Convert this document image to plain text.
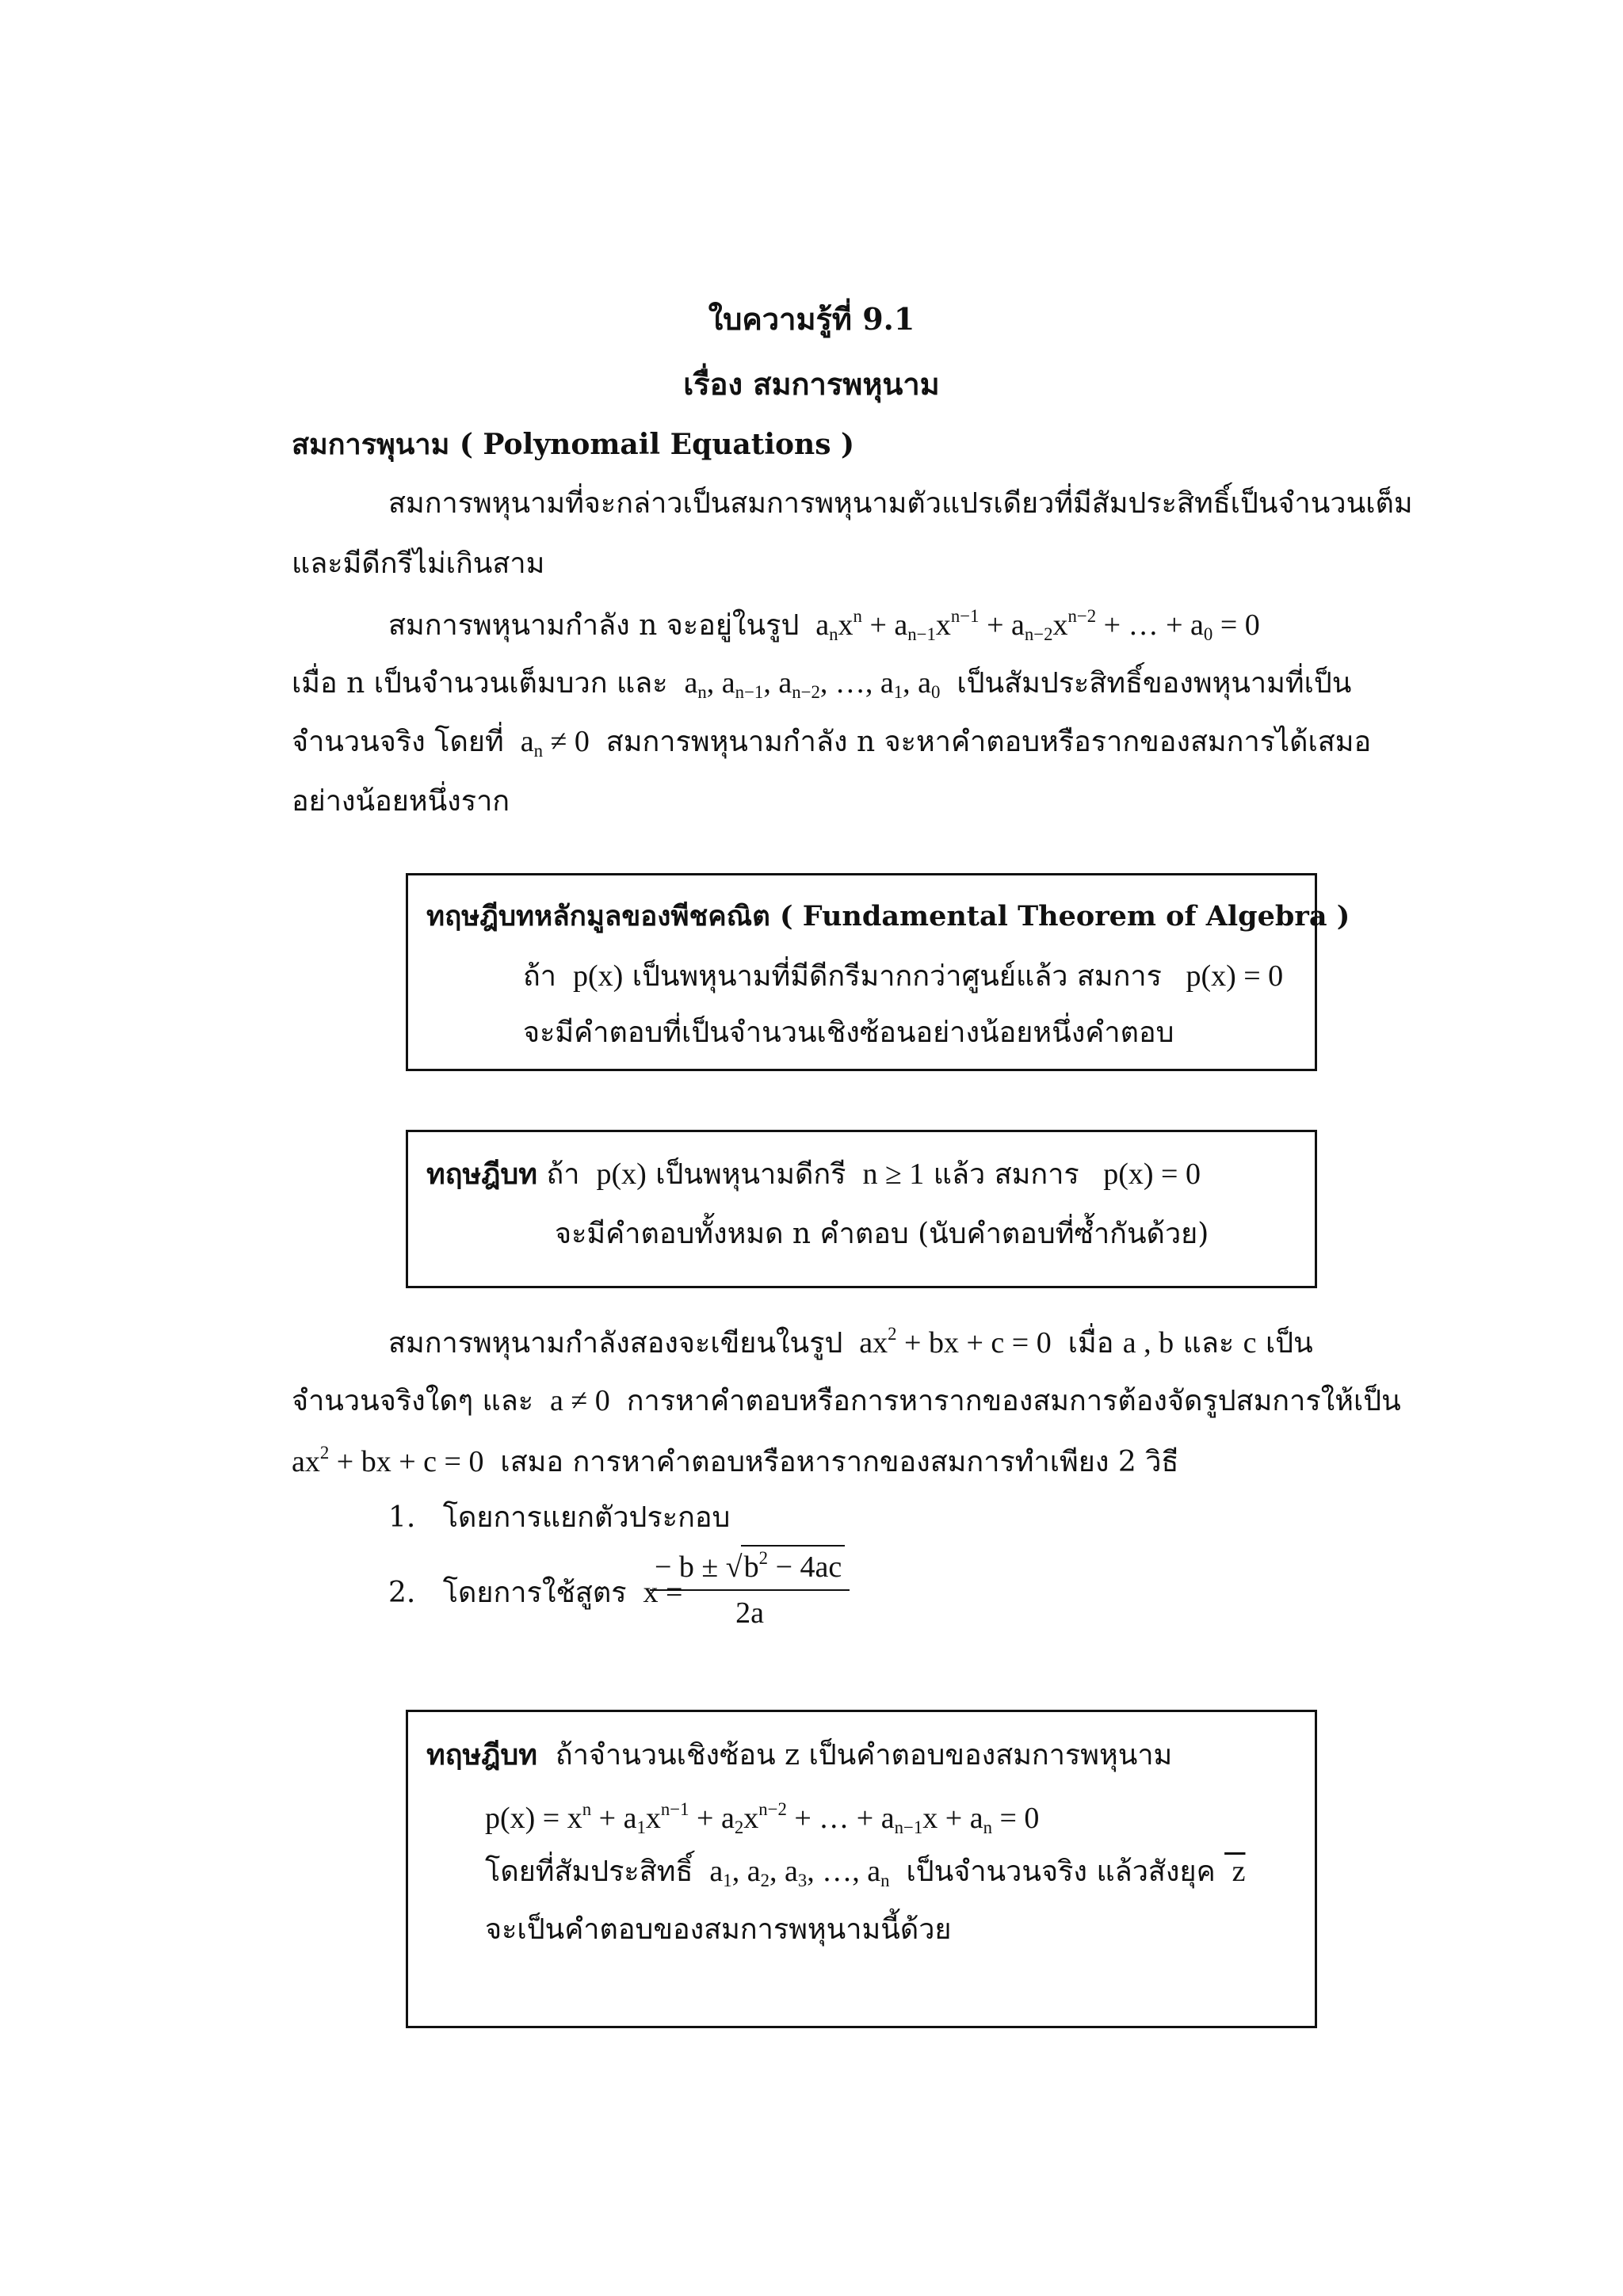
ใบความรู้ที่ 9.1
เรื่อง สมการพหุนาม
สมการพุนาม ( Polynomail Equations )
สมการพหุนามที่จะกล่าวเป็นสมการพหุนามตัวแปรเดียวที่มีสัมประสิทธิ์เป็นจำนวนเต็ม
และมีดีกรีไม่เกินสาม
สมการพหุนามกำลัง n จะอยู่ในรูป  $a_nx^n + a_{n-1}x^{n-1} + a_{n-2}x^{n-2}$ + … + $a_0 = 0$
เมื่อ n เป็นจำนวนเต็มบวก และ  $a_n$, $a_{n-1}$, $a_{n-2}$, …, $a_1$, $a_0$ เป็นสัมประสิทธิ์ของพหุนามที่เป็น
จำนวนจริง โดยที่  $a_n \ne 0$  สมการพหุนามกำลัง n จะหาคำตอบหรือรากของสมการได้เสมอ
อย่างน้อยหนึ่งราก
ทฤษฎีบทหลักมูลของพีชคณิต ( Fundamental Theorem of Algebra )
ถ้า  p(x) เป็นพหุนามที่มีดีกรีมากกว่าศูนย์แล้ว สมการ   p(x) = 0
จะมีคำตอบที่เป็นจำนวนเชิงซ้อนอย่างน้อยหนึ่งคำตอบ
ทฤษฎีบท ถ้า  p(x) เป็นพหุนามดีกรี  n ≥ 1 แล้ว สมการ   p(x) = 0
จะมีคำตอบทั้งหมด n คำตอบ (นับคำตอบที่ซ้ำกันด้วย)
สมการพหุนามกำลังสองจะเขียนในรูป  $ax^2$ + bx + c = 0  เมื่อ a , b และ c เป็น
จำนวนจริงใดๆ และ  a ≠ 0  การหาคำตอบหรือการหารากของสมการต้องจัดรูปสมการให้เป็น
$ax^2$ + bx + c = 0  เสมอ การหาคำตอบหรือหารากของสมการทำเพียง 2 วิธี
1. โดยการแยกตัวประกอบ
2. โดยการใช้สูตร  x =
$\frac{- b \pm √b^2 - 4ac}{2a}$
ทฤษฎีบท ถ้าจำนวนเชิงซ้อน z เป็นคำตอบของสมการพหุนาม
$p(x) = x^n + a_1x^{n-1} + a_2x^{n-2}$ + … + $a_{n-1}x + a_n = 0$
โดยที่สัมประสิทธิ์  $a_1$, $a_2$, $a_3$, …, $a_n$ เป็นจำนวนจริง แล้วสังยุค  z
จะเป็นคำตอบของสมการพหุนามนี้ด้วย
